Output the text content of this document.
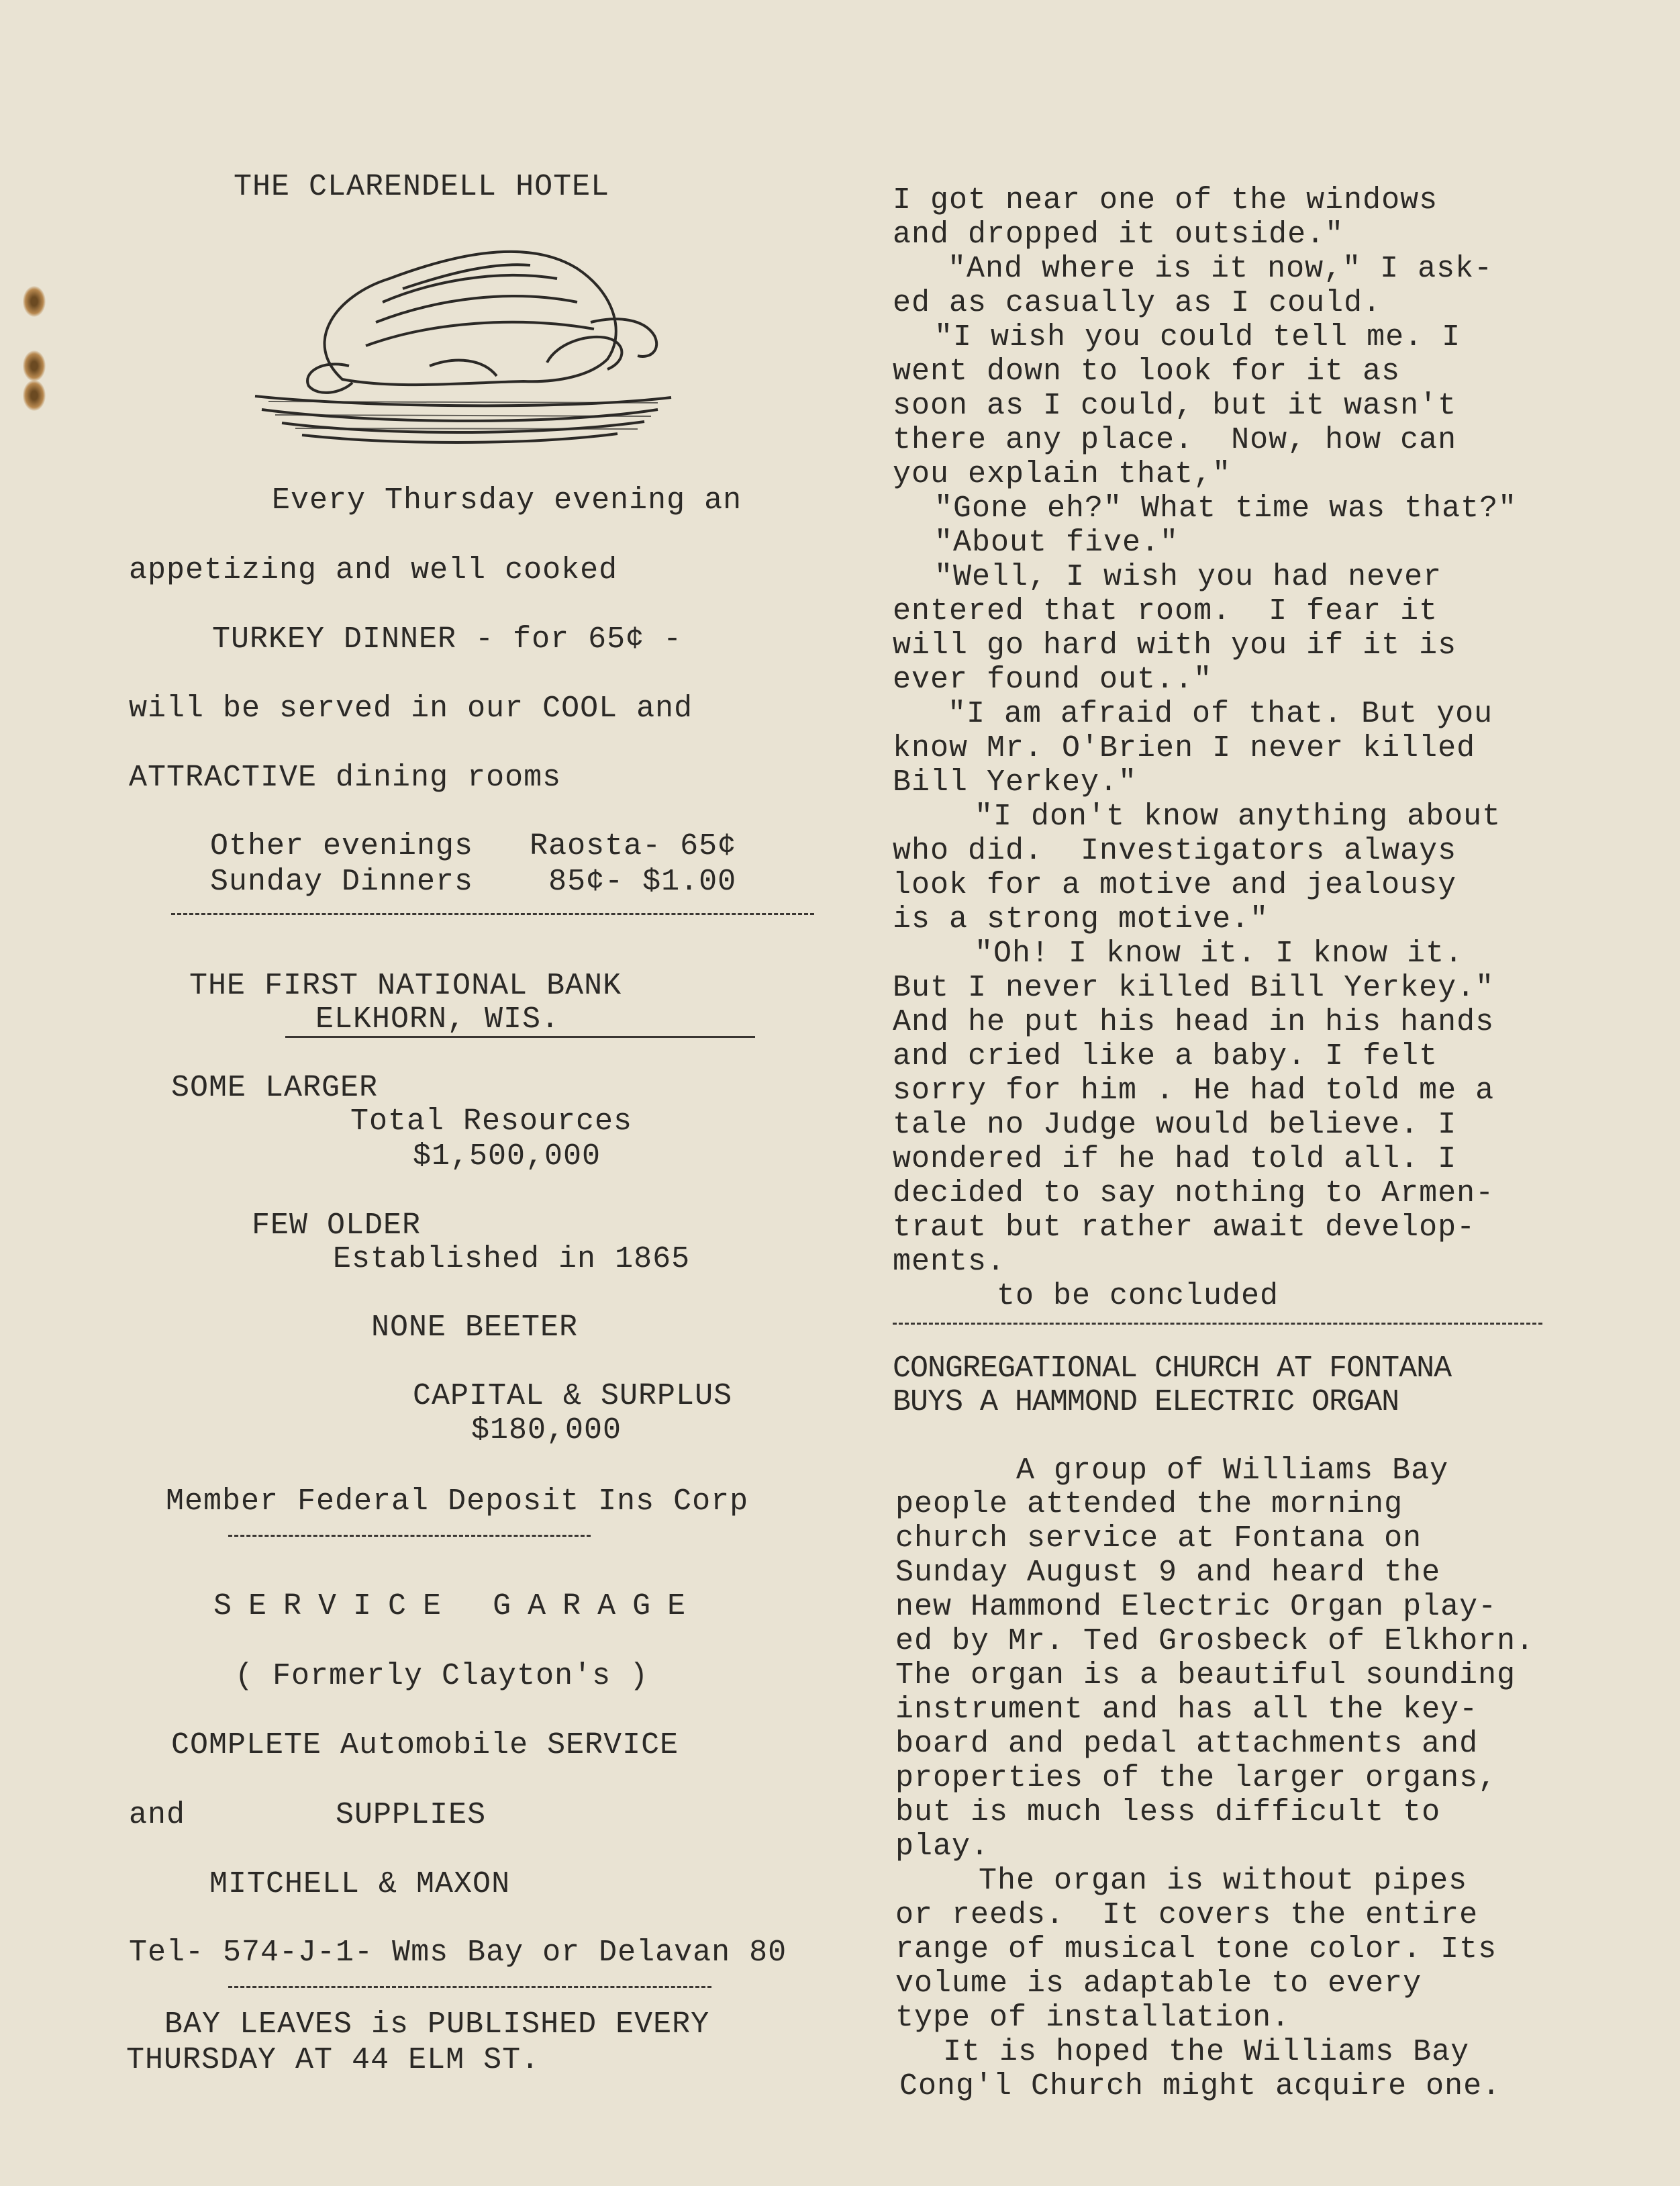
THE CLARENDELL HOTEL
Every Thursday evening an
appetizing and well cooked
TURKEY DINNER - for 65¢ -
will be served in our COOL and
ATTRACTIVE dining rooms
Other evenings   Raosta- 65¢
Sunday Dinners    85¢- $1.00
THE FIRST NATIONAL BANK
ELKHORN, WIS.
SOME LARGER
Total Resources
$1,500,000
FEW OLDER
Established in 1865
NONE BEETER
CAPITAL & SURPLUS
$180,000
Member Federal Deposit Ins Corp
S E R V I C E   G A R A G E
( Formerly Clayton's )
COMPLETE Automobile SERVICE
and        SUPPLIES
MITCHELL & MAXON
Tel- 574-J-1- Wms Bay or Delavan 80
BAY LEAVES is PUBLISHED EVERY
THURSDAY AT 44 ELM ST.
I got near one of the windows
and dropped it outside."
"And where is it now," I ask-
ed as casually as I could.
"I wish you could tell me. I
went down to look for it as
soon as I could, but it wasn't
there any place.  Now, how can
you explain that,"
"Gone eh?" What time was that?"
"About five."
"Well, I wish you had never
entered that room.  I fear it
will go hard with you if it is
ever found out.."
"I am afraid of that. But you
know Mr. O'Brien I never killed
Bill Yerkey."
"I don't know anything about
who did.  Investigators always
look for a motive and jealousy
is a strong motive."
"Oh! I know it. I know it.
But I never killed Bill Yerkey."
And he put his head in his hands
and cried like a baby. I felt
sorry for him . He had told me a
tale no Judge would believe. I
wondered if he had told all. I
decided to say nothing to Armen-
traut but rather await develop-
ments.
to be concluded
CONGREGATIONAL CHURCH AT FONTANA
BUYS A HAMMOND ELECTRIC ORGAN
A group of Williams Bay
people attended the morning
church service at Fontana on
Sunday August 9 and heard the
new Hammond Electric Organ play-
ed by Mr. Ted Grosbeck of Elkhorn.
The organ is a beautiful sounding
instrument and has all the key-
board and pedal attachments and
properties of the larger organs,
but is much less difficult to
play.
The organ is without pipes
or reeds.  It covers the entire
range of musical tone color. Its
volume is adaptable to every
type of installation.
It is hoped the Williams Bay
Cong'l Church might acquire one.
